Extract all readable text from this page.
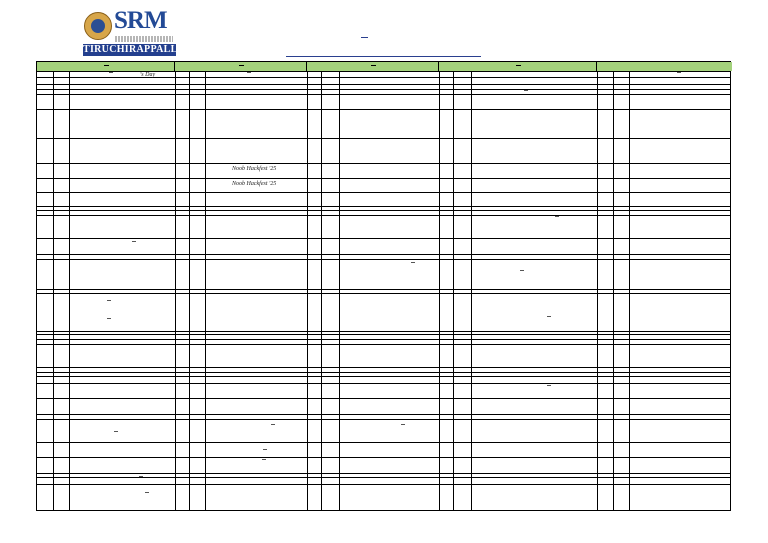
SRM
TIRUCHIRAPPALLI
's Day
Noob Hackfest '25
Noob Hackfest '25
